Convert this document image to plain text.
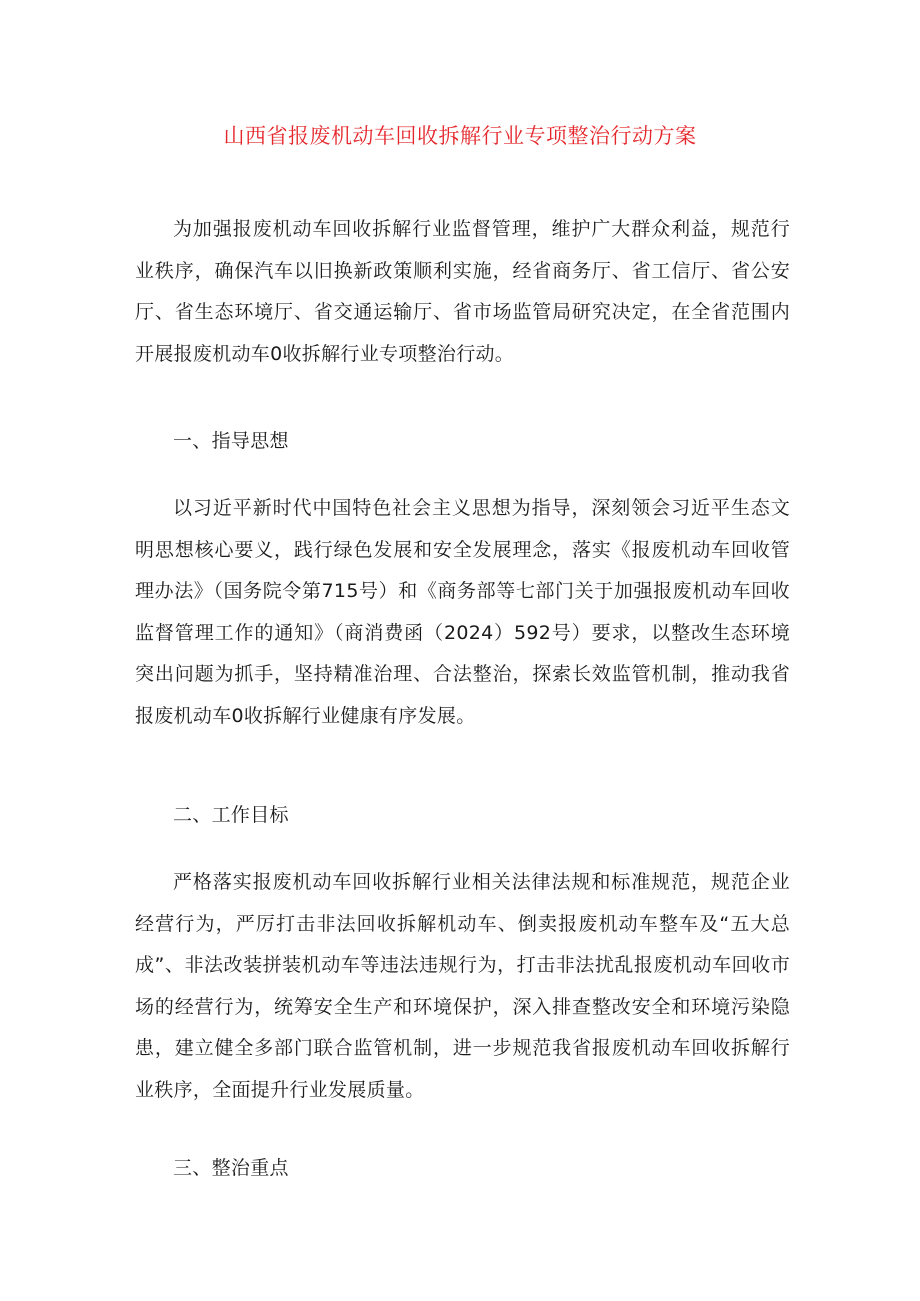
山西省报废机动车回收拆解行业专项整治行动方案

为加强报废机动车回收拆解行业监督管理，维护广大群众利益，规范行业秩序，确保汽车以旧换新政策顺利实施，经省商务厅、省工信厅、省公安厅、省生态环境厅、省交通运输厅、省市场监管局研究决定，在全省范围内开展报废机动车0收拆解行业专项整治行动。

一、指导思想

以习近平新时代中国特色社会主义思想为指导，深刻领会习近平生态文明思想核心要义，践行绿色发展和安全发展理念，落实《报废机动车回收管理办法》（国务院令第715号）和《商务部等七部门关于加强报废机动车回收监督管理工作的通知》（商消费函（2024）592号）要求，以整改生态环境突出问题为抓手，坚持精准治理、合法整治，探索长效监管机制，推动我省报废机动车0收拆解行业健康有序发展。

二、工作目标

严格落实报废机动车回收拆解行业相关法律法规和标准规范，规范企业经营行为，严厉打击非法回收拆解机动车、倒卖报废机动车整车及“五大总成”、非法改装拼装机动车等违法违规行为，打击非法扰乱报废机动车回收市场的经营行为，统筹安全生产和环境保护，深入排查整改安全和环境污染隐患，建立健全多部门联合监管机制，进一步规范我省报废机动车回收拆解行业秩序，全面提升行业发展质量。

三、整治重点
